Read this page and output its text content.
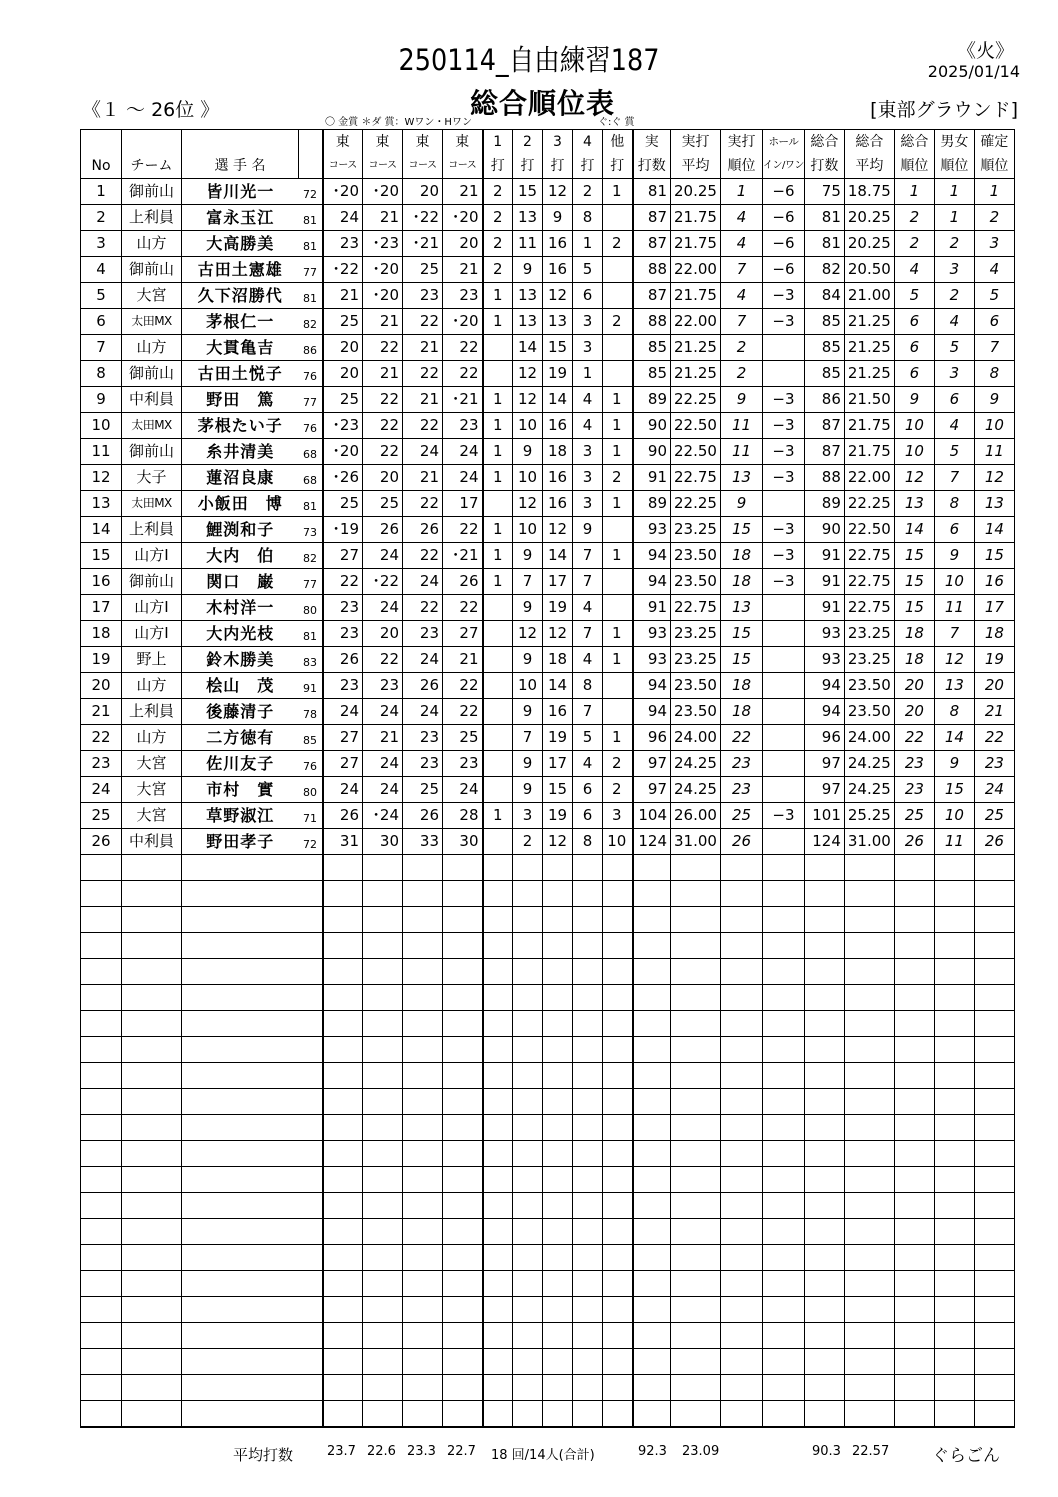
250114_自由練習187	《火》
2025/01/14
《１ ～ 26位 》	総合順位表	[東部グラウンド]
〇 金賞 ＊ダ 賞：Wワン・Hワン	ぐ:ぐ 賞
				東	東	東	東	1	2	3	4	他	実	実打	実打	ホール	総合	総合	総合	男女	確定
No	チーム	選 手 名		コース	コース	コース	コース	打	打	打	打	打	打数	平均	順位	イン/ワン	打数	平均	順位	順位	順位
1	御前山	皆川光一	72	･20	･20	20	21	2	15	12	2	1	81	20.25	1	−6	75	18.75	1	1	1
2	上利員	富永玉江	81	24	21	･22	･20	2	13	9	8		87	21.75	4	−6	81	20.25	2	1	2
3	山方	大高勝美	81	23	･23	･21	20	2	11	16	1	2	87	21.75	4	−6	81	20.25	2	2	3
4	御前山	古田土憲雄	77	･22	･20	25	21	2	9	16	5		88	22.00	7	−6	82	20.50	4	3	4
5	大宮	久下沼勝代	81	21	･20	23	23	1	13	12	6		87	21.75	4	−3	84	21.00	5	2	5
6	太田MX	茅根仁一	82	25	21	22	･20	1	13	13	3	2	88	22.00	7	−3	85	21.25	6	4	6
7	山方	大貫亀吉	86	20	22	21	22		14	15	3		85	21.25	2		85	21.25	6	5	7
8	御前山	古田土悦子	76	20	21	22	22		12	19	1		85	21.25	2		85	21.25	6	3	8
9	中利員	野田　篤	77	25	22	21	･21	1	12	14	4	1	89	22.25	9	−3	86	21.50	9	6	9
10	太田MX	茅根たい子	76	･23	22	22	23	1	10	16	4	1	90	22.50	11	−3	87	21.75	10	4	10
11	御前山	糸井清美	68	･20	22	24	24	1	9	18	3	1	90	22.50	11	−3	87	21.75	10	5	11
12	大子	蓮沼良康	68	･26	20	21	24	1	10	16	3	2	91	22.75	13	−3	88	22.00	12	7	12
13	太田MX	小飯田　博	81	25	25	22	17		12	16	3	1	89	22.25	9		89	22.25	13	8	13
14	上利員	鯉渕和子	73	･19	26	26	22	1	10	12	9		93	23.25	15	−3	90	22.50	14	6	14
15	山方Ⅰ	大内　伯	82	27	24	22	･21	1	9	14	7	1	94	23.50	18	−3	91	22.75	15	9	15
16	御前山	関口　巌	77	22	･22	24	26	1	7	17	7		94	23.50	18	−3	91	22.75	15	10	16
17	山方Ⅰ	木村洋一	80	23	24	22	22		9	19	4		91	22.75	13		91	22.75	15	11	17
18	山方Ⅰ	大内光枝	81	23	20	23	27		12	12	7	1	93	23.25	15		93	23.25	18	7	18
19	野上	鈴木勝美	83	26	22	24	21		9	18	4	1	93	23.25	15		93	23.25	18	12	19
20	山方	桧山　茂	91	23	23	26	22		10	14	8		94	23.50	18		94	23.50	20	13	20
21	上利員	後藤清子	78	24	24	24	22		9	16	7		94	23.50	18		94	23.50	20	8	21
22	山方	二方徳有	85	27	21	23	25		7	19	5	1	96	24.00	22		96	24.00	22	14	22
23	大宮	佐川友子	76	27	24	23	23		9	17	4	2	97	24.25	23		97	24.25	23	9	23
24	大宮	市村　實	80	24	24	25	24		9	15	6	2	97	24.25	23		97	24.25	23	15	24
25	大宮	草野淑江	71	26	･24	26	28	1	3	19	6	3	104	26.00	25	−3	101	25.25	25	10	25
26	中利員	野田孝子	72	31	30	33	30		2	12	8	10	124	31.00	26		124	31.00	26	11	26

平均打数	23.7 22.6 23.3 22.7 18 回/14人(合計)	92.3 23.09	90.3 22.57	ぐらごん
